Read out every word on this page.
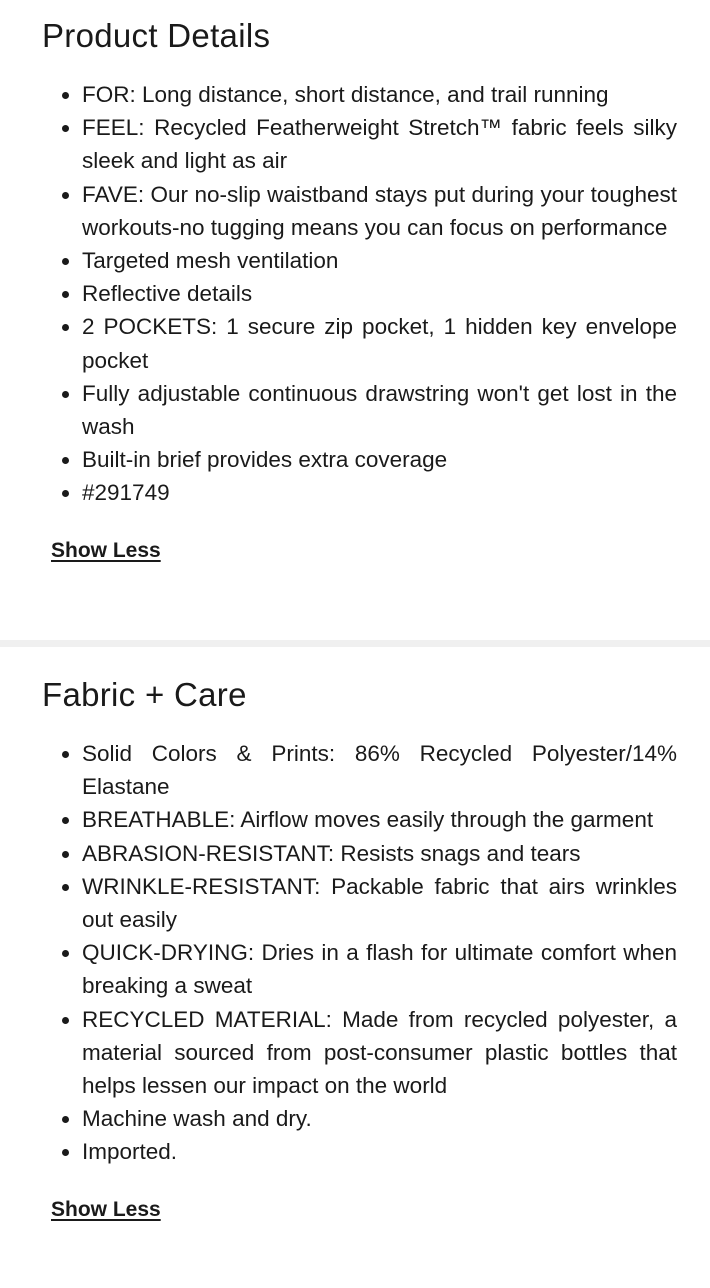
Product Details
FOR: Long distance, short distance, and trail running
FEEL: Recycled Featherweight Stretch™ fabric feels silky sleek and light as air
FAVE: Our no-slip waistband stays put during your toughest workouts-no tugging means you can focus on performance
Targeted mesh ventilation
Reflective details
2 POCKETS: 1 secure zip pocket, 1 hidden key envelope pocket
Fully adjustable continuous drawstring won't get lost in the wash
Built-in brief provides extra coverage
#291749
Show Less
Fabric + Care
Solid Colors & Prints: 86% Recycled Polyester/14% Elastane
BREATHABLE: Airflow moves easily through the garment
ABRASION-RESISTANT: Resists snags and tears
WRINKLE-RESISTANT: Packable fabric that airs wrinkles out easily
QUICK-DRYING: Dries in a flash for ultimate comfort when breaking a sweat
RECYCLED MATERIAL: Made from recycled polyester, a material sourced from post-consumer plastic bottles that helps lessen our impact on the world
Machine wash and dry.
Imported.
Show Less
